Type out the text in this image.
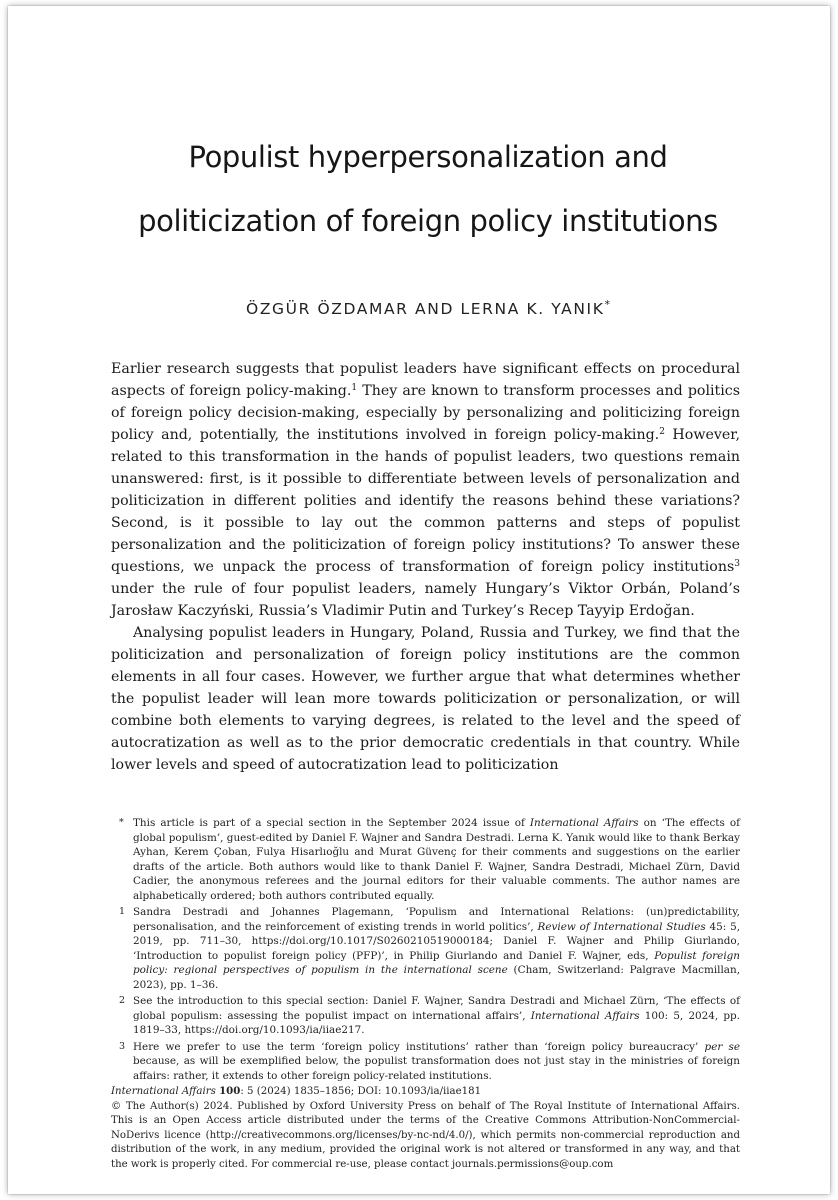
Populist hyperpersonalization and
politicization of foreign policy institutions
ÖZGÜR ÖZDAMAR AND LERNA K. YANIK*

Earlier research suggests that populist leaders have significant effects on procedural aspects of foreign policy-making.$^1$ They are known to transform processes and politics of foreign policy decision-making, especially by personalizing and politicizing foreign policy and, potentially, the institutions involved in foreign policy-making.$^2$ However, related to this transformation in the hands of populist leaders, two questions remain unanswered: first, is it possible to differentiate between levels of personalization and politicization in different polities and identify the reasons behind these variations? Second, is it possible to lay out the common patterns and steps of populist personalization and the politicization of foreign policy institutions? To answer these questions, we unpack the process of transformation of foreign policy institutions$^3$ under the rule of four populist leaders, namely Hungary’s Viktor Orbán, Poland’s Jarosław Kaczyński, Russia’s Vladimir Putin and Turkey’s Recep Tayyip Erdoğan.

Analysing populist leaders in Hungary, Poland, Russia and Turkey, we find that the politicization and personalization of foreign policy institutions are the common elements in all four cases. However, we further argue that what determines whether the populist leader will lean more towards politicization or personalization, or will combine both elements to varying degrees, is related to the level and the speed of autocratization as well as to the prior democratic credentials in that country. While lower levels and speed of autocratization lead to politicization

* This article is part of a special section in the September 2024 issue of International Affairs on ‘The effects of global populism’, guest-edited by Daniel F. Wajner and Sandra Destradi. Lerna K. Yanık would like to thank Berkay Ayhan, Kerem Çoban, Fulya Hisarlıoğlu and Murat Güvenç for their comments and suggestions on the earlier drafts of the article. Both authors would like to thank Daniel F. Wajner, Sandra Destradi, Michael Zürn, David Cadier, the anonymous referees and the journal editors for their valuable comments. The author names are alphabetically ordered; both authors contributed equally.
1 Sandra Destradi and Johannes Plagemann, ‘Populism and International Relations: (un)predictability, personalisation, and the reinforcement of existing trends in world politics’, Review of International Studies 45: 5, 2019, pp. 711–30, https://doi.org/10.1017/S0260210519000184; Daniel F. Wajner and Philip Giurlando, ‘Introduction to populist foreign policy (PFP)’, in Philip Giurlando and Daniel F. Wajner, eds, Populist foreign policy: regional perspectives of populism in the international scene (Cham, Switzerland: Palgrave Macmillan, 2023), pp. 1–36.
2 See the introduction to this special section: Daniel F. Wajner, Sandra Destradi and Michael Zürn, ‘The effects of global populism: assessing the populist impact on international affairs’, International Affairs 100: 5, 2024, pp. 1819–33, https://doi.org/10.1093/ia/iiae217.
3 Here we prefer to use the term ‘foreign policy institutions’ rather than ‘foreign policy bureaucracy’ per se because, as will be exemplified below, the populist transformation does not just stay in the ministries of foreign affairs: rather, it extends to other foreign policy-related institutions.

International Affairs 100: 5 (2024) 1835–1856; DOI: 10.1093/ia/iiae181

© The Author(s) 2024. Published by Oxford University Press on behalf of The Royal Institute of International Affairs. This is an Open Access article distributed under the terms of the Creative Commons Attribution-NonCommercial-NoDerivs licence (http://creativecommons.org/licenses/by-nc-nd/4.0/), which permits non-commercial reproduction and distribution of the work, in any medium, provided the original work is not altered or transformed in any way, and that the work is properly cited. For commercial re-use, please contact journals.permissions@oup.com
